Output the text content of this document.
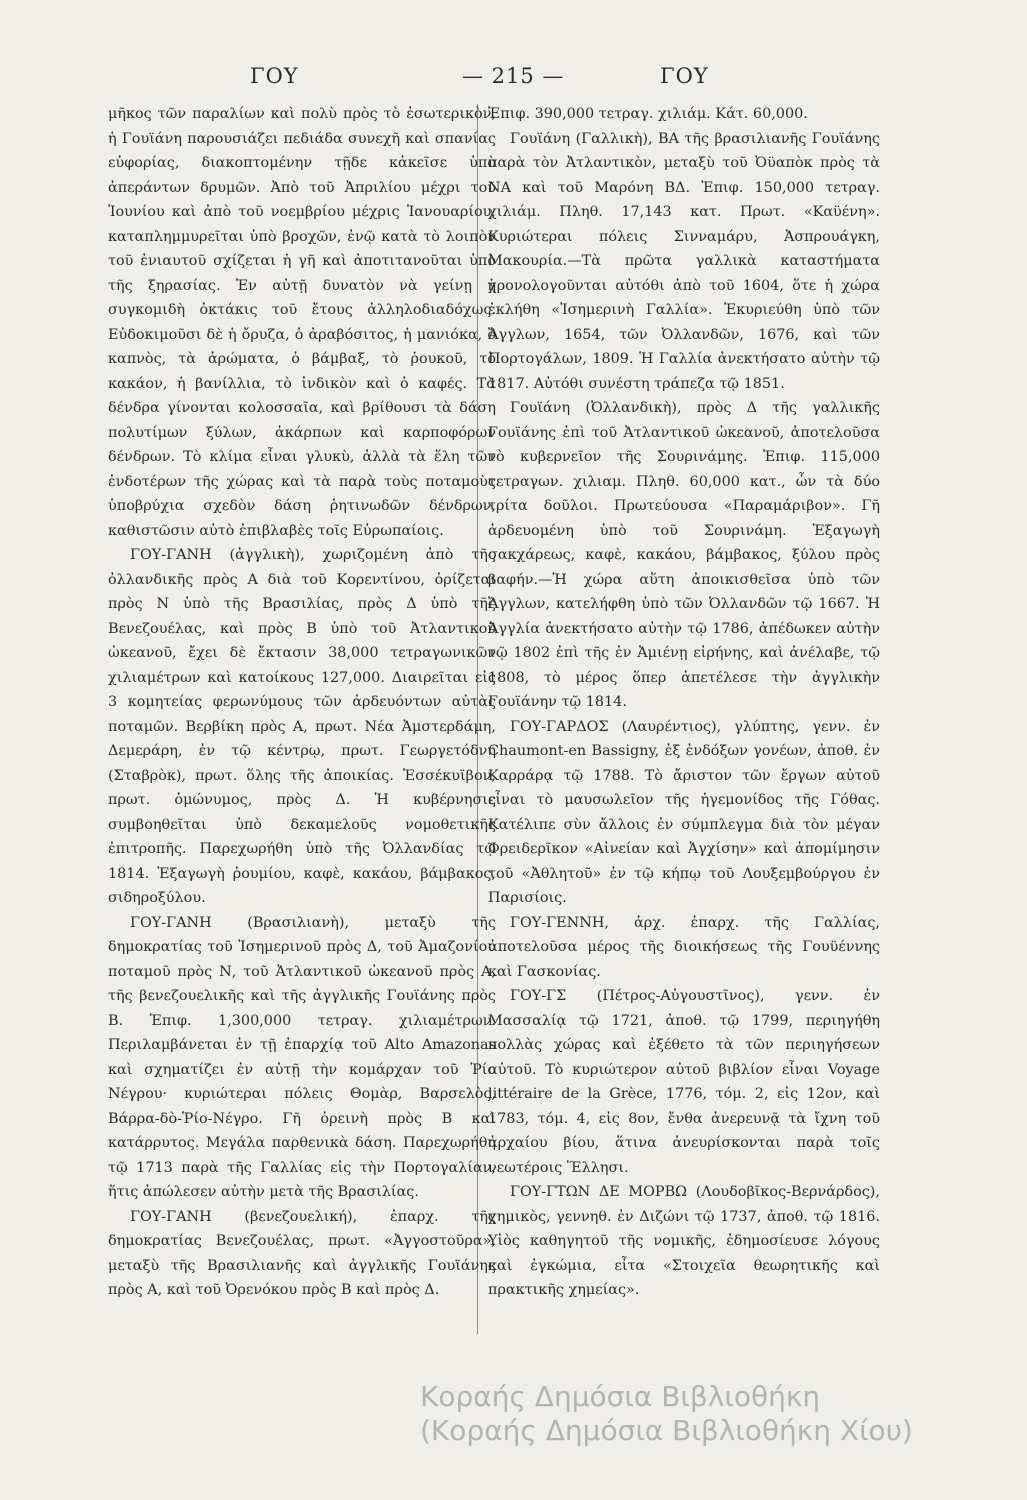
ΓΟΥ	— 215 —	ΓΟΥ

μῆκος τῶν παραλίων καὶ πολὺ πρὸς τὸ ἐσωτερικὸν, ἡ Γουϊάνη παρουσιάζει πεδιάδα συνεχῆ καὶ σπανίας εὐφορίας, διακοπτομένην τῇδε κἀκεῖσε ὑπὸ ἀπεράντων δρυμῶν. Ἀπὸ τοῦ Ἀπριλίου μέχρι τοῦ Ἰουνίου καὶ ἀπὸ τοῦ νοεμβρίου μέχρις Ἰανουαρίου, καταπλημμυρεῖται ὑπὸ βροχῶν, ἐνῷ κατὰ τὸ λοιπὸν τοῦ ἐνιαυτοῦ σχίζεται ἡ γῆ καὶ ἀποτιτανοῦται ὑπὸ τῆς ξηρασίας. Ἐν αὐτῇ δυνατὸν νὰ γείνῃ ἡ συγκομιδὴ ὀκτάκις τοῦ ἔτους ἀλληλοδιαδόχως. Εὐδοκιμοῦσι δὲ ἡ ὄρυζα, ὁ ἀραβόσιτος, ἡ μανιόκα, ὁ καπνὸς, τὰ ἀρώματα, ὁ βάμβαξ, τὸ ῥουκοῦ, τὸ κακάον, ἡ βανίλλια, τὸ ἰνδικὸν καὶ ὁ καφές. Τὰ δένδρα γίνονται κολοσσαῖα, καὶ βρίθουσι τὰ δάση πολυτίμων ξύλων, ἀκάρπων καὶ καρποφόρων δένδρων. Τὸ κλίμα εἶναι γλυκὺ, ἀλλὰ τὰ ἕλη τῶν ἐνδοτέρων τῆς χώρας καὶ τὰ παρὰ τοὺς ποταμοὺς ὑποβρύχια σχεδὸν δάση ῥητινωδῶν δένδρων, καθιστῶσιν αὐτὸ ἐπιβλαβὲς τοῖς Εὐρωπαίοις.

ΓΟΥ-ΓΑΝΗ (ἀγγλικὴ), χωριζομένη ἀπὸ τῆς ὀλλανδικῆς πρὸς Α διὰ τοῦ Κορεντίνου, ὁρίζεται πρὸς Ν ὑπὸ τῆς Βρασιλίας, πρὸς Δ ὑπὸ τῆς Βενεζουέλας, καὶ πρὸς Β ὑπὸ τοῦ Ἀτλαντικοῦ ὠκεανοῦ, ἔχει δὲ ἔκτασιν 38,000 τετραγωνικῶν χιλιαμέτρων καὶ κατοίκους 127,000. Διαιρεῖται εἰς 3 κομητείας φερωνύμους τῶν ἀρδευόντων αὐτὰς ποταμῶν. Βερβίκη πρὸς Α, πρωτ. Νέα Ἀμστερδάμη, Δεμεράρη, ἐν τῷ κέντρῳ, πρωτ. Γεωργετόδνη (Σταβρὸκ), πρωτ. ὅλης τῆς ἀποικίας. Ἐσσέκυϊβον, πρωτ. ὁμώνυμος, πρὸς Δ. Ἡ κυβέρνησις συμβοηθεῖται ὑπὸ δεκαμελοῦς νομοθετικῆς ἐπιτροπῆς. Παρεχωρήθη ὑπὸ τῆς Ὀλλανδίας τῷ 1814. Ἐξαγωγὴ ῥουμίου, καφὲ, κακάου, βάμβακος, σιδηροξύλου.

ΓΟΥ-ΓΑΝΗ (Βρασιλιανὴ), μεταξὺ τῆς δημοκρατίας τοῦ Ἰσημερινοῦ πρὸς Δ, τοῦ Ἀμαζονίου ποταμοῦ πρὸς Ν, τοῦ Ἀτλαντικοῦ ὠκεανοῦ πρὸς Α, τῆς βενεζουελικῆς καὶ τῆς ἀγγλικῆς Γουϊάνης πρὸς Β. Ἐπιφ. 1,300,000 τετραγ. χιλιαμέτρων. Περιλαμβάνεται ἐν τῇ ἐπαρχίᾳ τοῦ Alto Amazonas καὶ σχηματίζει ἐν αὐτῇ τὴν κομάρχαν τοῦ Ῥίο Νέγρου· κυριώτεραι πόλεις Θομὰρ, Βαρσελὸς, Βάρρα-δὸ-Ῥίο-Νέγρο. Γῆ ὀρεινὴ πρὸς Β καὶ κατάρρυτος. Μεγάλα παρθενικὰ δάση. Παρεχωρήθη τῷ 1713 παρὰ τῆς Γαλλίας εἰς τὴν Πορτογαλίαν, ἥτις ἀπώλεσεν αὐτὴν μετὰ τῆς Βρασιλίας.

ΓΟΥ-ΓΑΝΗ (βενεζουελική), ἐπαρχ. τῆς δημοκρατίας Βενεζουέλας, πρωτ. «Ἀγγοστοῦρα», μεταξὺ τῆς Βρασιλιανῆς καὶ ἀγγλικῆς Γουϊάνης πρὸς Α, καὶ τοῦ Ὀρενόκου πρὸς Β καὶ πρὸς Δ.

Ἐπιφ. 390,000 τετραγ. χιλιάμ. Κάτ. 60,000.

Γουϊάνη (Γαλλικὴ), ΒΑ τῆς βρασιλιανῆς Γουϊάνης παρὰ τὸν Ἀτλαντικὸν, μεταξὺ τοῦ Ὀϋαπὸκ πρὸς τὰ ΝΑ καὶ τοῦ Μαρόνη ΒΔ. Ἐπιφ. 150,000 τετραγ. χιλιάμ. Πληθ. 17,143 κατ. Πρωτ. «Καϋένη». Κυριώτεραι πόλεις Σινναμάρυ, Ἀσπρουάγκη, Μακουρία.—Τὰ πρῶτα γαλλικὰ καταστήματα χρονολογοῦνται αὐτόθι ἀπὸ τοῦ 1604, ὅτε ἡ χώρα ἐκλήθη «Ἰσημερινὴ Γαλλία». Ἐκυριεύθη ὑπὸ τῶν Ἄγγλων, 1654, τῶν Ὀλλανδῶν, 1676, καὶ τῶν Πορτογάλων, 1809. Ἡ Γαλλία ἀνεκτήσατο αὐτὴν τῷ 1817. Αὐτόθι συνέστη τράπεζα τῷ 1851.

Γουϊάνη (Ὀλλανδικὴ), πρὸς Δ τῆς γαλλικῆς Γουϊάνης ἐπὶ τοῦ Ἀτλαντικοῦ ὠκεανοῦ, ἀποτελοῦσα τὸ κυβερνεῖον τῆς Σουρινάμης. Ἐπιφ. 115,000 τετραγων. χιλιαμ. Πληθ. 60,000 κατ., ὧν τὰ δύο τρίτα δοῦλοι. Πρωτεύουσα «Παραμάριβον». Γῆ ἀρδευομένη ὑπὸ τοῦ Σουρινάμη. Ἐξαγωγὴ σακχάρεως, καφὲ, κακάου, βάμβακος, ξύλου πρὸς βαφήν.—Ἡ χώρα αὕτη ἀποικισθεῖσα ὑπὸ τῶν Ἄγγλων, κατελήφθη ὑπὸ τῶν Ὀλλανδῶν τῷ 1667. Ἡ Ἀγγλία ἀνεκτήσατο αὐτὴν τῷ 1786, ἀπέδωκεν αὐτὴν τῷ 1802 ἐπὶ τῆς ἐν Ἀμιένῃ εἰρήνης, καὶ ἀνέλαβε, τῷ 1808, τὸ μέρος ὅπερ ἀπετέλεσε τὴν ἀγγλικὴν Γουϊάνην τῷ 1814.

ΓΟΥ-ΓΑΡΔΟΣ (Λαυρέντιος), γλύπτης, γενν. ἐν Chaumont-en Bassigny, ἐξ ἐνδόξων γονέων, ἀποθ. ἐν Καρράρᾳ τῷ 1788. Τὸ ἄριστον τῶν ἔργων αὐτοῦ εἶναι τὸ μαυσωλεῖον τῆς ἡγεμονίδος τῆς Γόθας. Κατέλιπε σὺν ἄλλοις ἐν σύμπλεγμα διὰ τὸν μέγαν Φρειδερῖκον «Αἰνείαν καὶ Ἀγχίσην» καὶ ἀπομίμησιν τοῦ «Ἀθλητοῦ» ἐν τῷ κήπῳ τοῦ Λουξεμβούργου ἐν Παρισίοις.

ΓΟΥ-ΓΕΝΝΗ, ἀρχ. ἐπαρχ. τῆς Γαλλίας, ἀποτελοῦσα μέρος τῆς διοικήσεως τῆς Γουϋέννης καὶ Γασκονίας.

ΓΟΥ-ΓΣ (Πέτρος-Αὐγουστῖνος), γενν. ἐν Μασσαλίᾳ τῷ 1721, ἀποθ. τῷ 1799, περιηγήθη πολλὰς χώρας καὶ ἐξέθετο τὰ τῶν περιηγήσεων αὐτοῦ. Τὸ κυριώτερον αὐτοῦ βιβλίον εἶναι Voyage littéraire de la Grèce, 1776, τόμ. 2, εἰς 12ον, καὶ 1783, τόμ. 4, εἰς 8ον, ἔνθα ἀνερευνᾷ τὰ ἴχνη τοῦ ἀρχαίου βίου, ἅτινα ἀνευρίσκονται παρὰ τοῖς νεωτέροις Ἕλλησι.

ΓΟΥ-ΓΤΩΝ ΔΕ ΜΟΡΒΩ (Λουδοβῖκος-Βερνάρδος), χημικὸς, γεννηθ. ἐν Διζώνι τῷ 1737, ἀποθ. τῷ 1816. Υἱὸς καθηγητοῦ τῆς νομικῆς, ἐδημοσίευσε λόγους καὶ ἐγκώμια, εἶτα «Στοιχεῖα θεωρητικῆς καὶ πρακτικῆς χημείας».

Κοραής Δημόσια Βιβλιοθήκη
(Κοραής Δημόσια Βιβλιοθήκη Χίου)
